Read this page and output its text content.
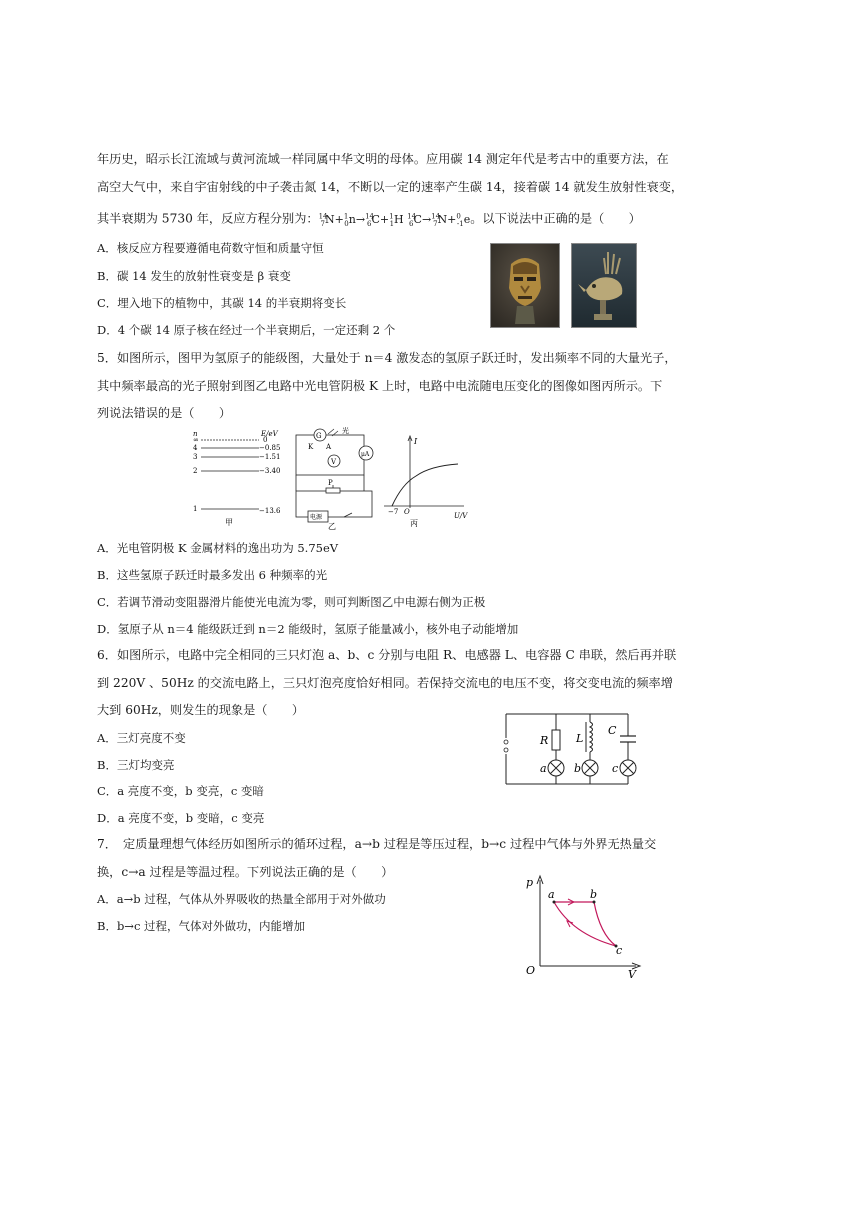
年历史，昭示长江流域与黄河流域一样同属中华文明的母体。应用碳 14 测定年代是考古中的重要方法，在
高空大气中，来自宇宙射线的中子袭击氮 14，不断以一定的速率产生碳 14，接着碳 14 就发生放射性衰变，
其半衰期为 5730 年，反应方程分别为：$^{14}_7$N+$^1_0$n→$^{14}_6$C+$^1_1$H $^{14}_6$C→$^{14}_7$N+$^0_{-1}$e。以下说法中正确的是（　　）
A．核反应方程要遵循电荷数守恒和质量守恒
B．碳 14 发生的放射性衰变是 β 衰变
C．埋入地下的植物中，其碳 14 的半衰期将变长
D．4 个碳 14 原子核在经过一个半衰期后，一定还剩 2 个
5．如图所示，图甲为氢原子的能级图，大量处于 n＝4 激发态的氢原子跃迁时，发出频率不同的大量光子，
其中频率最高的光子照射到图乙电路中光电管阴极 K 上时，电路中电流随电压变化的图像如图丙所示。下
列说法错误的是（　　）
n	E/eV
∞	0
4	−0.85
3	−1.51
2	−3.40
1	−13.6
甲
G
光
K A
V
μA
P
电源
乙
I
U/V
O
−7
丙
A．光电管阴极 K 金属材料的逸出功为 5.75eV
B．这些氢原子跃迁时最多发出 6 种频率的光
C．若调节滑动变阻器滑片能使光电流为零，则可判断图乙中电源右侧为正极
D．氢原子从 n＝4 能级跃迁到 n＝2 能级时，氢原子能量减小，核外电子动能增加
6．如图所示，电路中完全相同的三只灯泡 a、b、c 分别与电阻 R、电感器 L、电容器 C 串联，然后再并联
到 220V 、50Hz 的交流电路上，三只灯泡亮度恰好相同。若保持交流电的电压不变，将交变电流的频率增
大到 60Hz，则发生的现象是（　　）
A．三灯亮度不变
B．三灯均变亮
C．a 亮度不变，b 变亮，c 变暗
D．a 亮度不变，b 变暗，c 变亮
R
a
L
b
C
c
7．　定质量理想气体经历如图所示的循环过程，a→b 过程是等压过程，b→c 过程中气体与外界无热量交
换，c→a 过程是等温过程。下列说法正确的是（　　）
A．a→b 过程，气体从外界吸收的热量全部用于对外做功
B．b→c 过程，气体对外做功，内能增加
p
V
O
a	b
c
